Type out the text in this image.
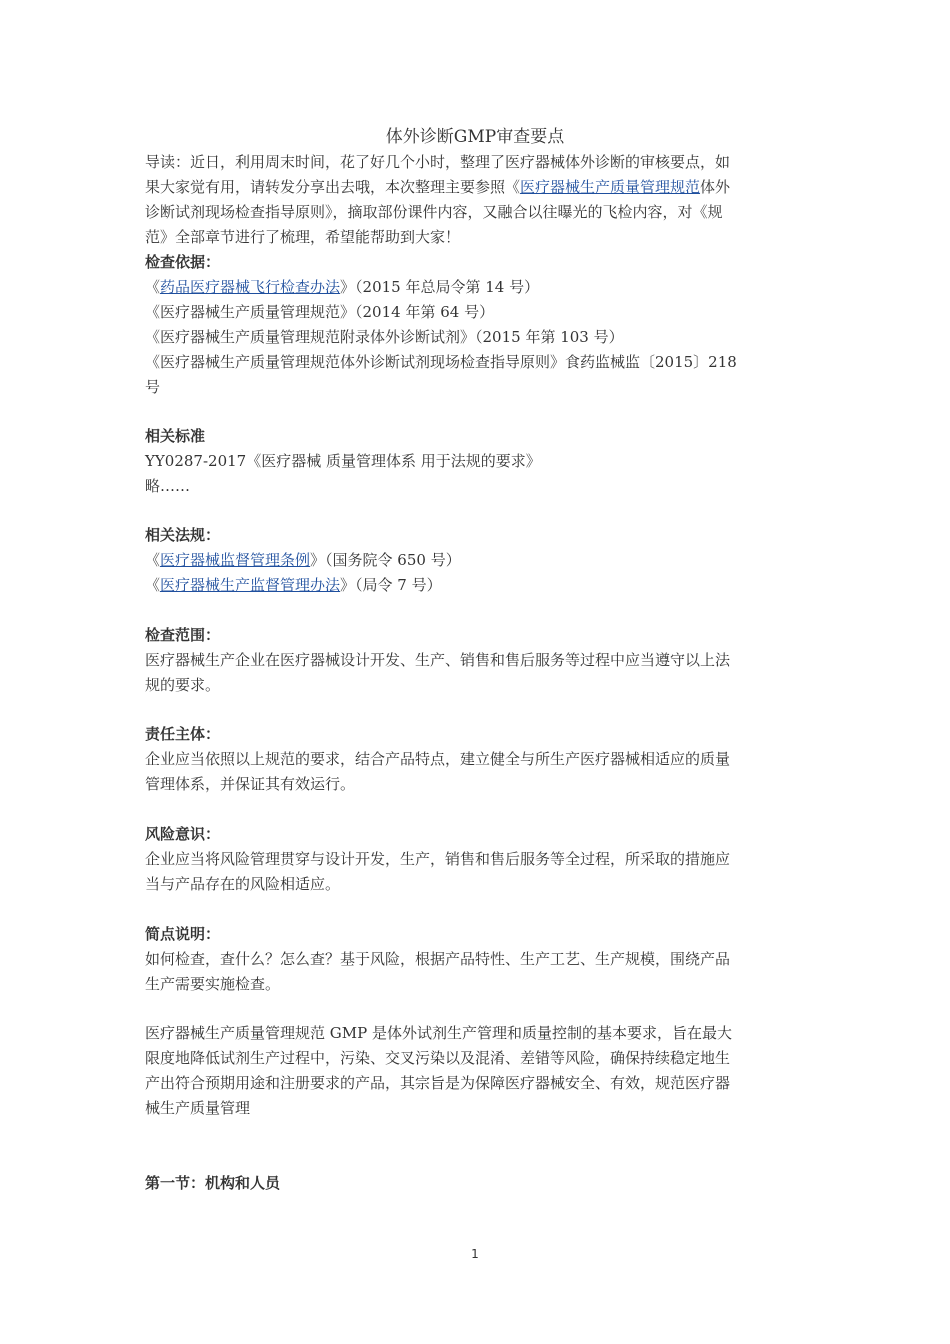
体外诊断GMP审查要点
导读：近日，利用周末时间，花了好几个小时，整理了医疗器械体外诊断的审核要点，如
果大家觉有用，请转发分享出去哦，本次整理主要参照《医疗器械生产质量管理规范体外
诊断试剂现场检查指导原则》，摘取部份课件内容，又融合以往曝光的飞检内容，对《规
范》全部章节进行了梳理，希望能帮助到大家！
检查依据：
《药品医疗器械飞行检查办法》（2015 年总局令第 14 号）
《医疗器械生产质量管理规范》（2014 年第 64 号）
《医疗器械生产质量管理规范附录体外诊断试剂》（2015 年第 103 号）
《医疗器械生产质量管理规范体外诊断试剂现场检查指导原则》食药监械监〔2015〕218
号
相关标准
YY0287-2017《医疗器械 质量管理体系 用于法规的要求》
略……
相关法规：
《医疗器械监督管理条例》（国务院令 650 号）
《医疗器械生产监督管理办法》（局令 7 号）
检查范围：
医疗器械生产企业在医疗器械设计开发、生产、销售和售后服务等过程中应当遵守以上法
规的要求。
责任主体：
企业应当依照以上规范的要求，结合产品特点，建立健全与所生产医疗器械相适应的质量
管理体系，并保证其有效运行。
风险意识：
企业应当将风险管理贯穿与设计开发，生产，销售和售后服务等全过程，所采取的措施应
当与产品存在的风险相适应。
简点说明：
如何检查，查什么？怎么查？基于风险，根据产品特性、生产工艺、生产规模，围绕产品
生产需要实施检查。
医疗器械生产质量管理规范 GMP 是体外试剂生产管理和质量控制的基本要求，旨在最大
限度地降低试剂生产过程中，污染、交叉污染以及混淆、差错等风险，确保持续稳定地生
产出符合预期用途和注册要求的产品，其宗旨是为保障医疗器械安全、有效，规范医疗器
械生产质量管理
第一节：机构和人员
1
